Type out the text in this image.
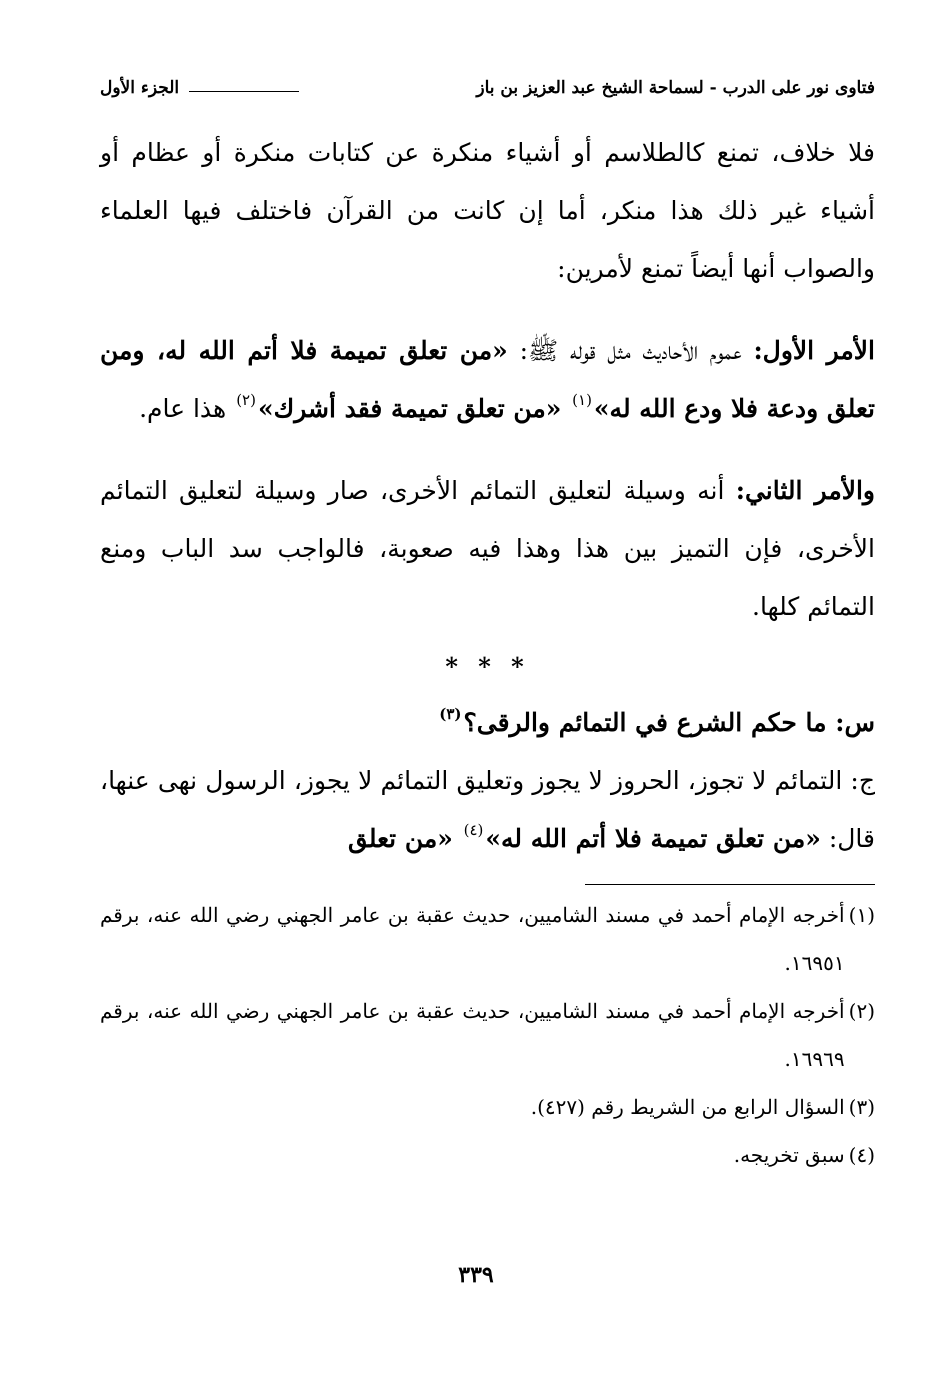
فتاوى نور على الدرب - لسماحة الشيخ عبد العزيز بن باز
الجزء الأول

فلا خلاف، تمنع كالطلاسم أو أشياء منكرة عن كتابات منكرة أو عظام أو أشياء غير ذلك هذا منكر، أما إن كانت من القرآن فاختلف فيها العلماء والصواب أنها أيضاً تمنع لأمرين:

الأمر الأول: عموم الأحاديث مثل قوله ﷺ: «من تعلق تميمة فلا أتم الله له، ومن تعلق ودعة فلا ودع الله له»$^{(١)}$ «من تعلق تميمة فقد أشرك»$^{(٢)}$ هذا عام.

والأمر الثاني: أنه وسيلة لتعليق التمائم الأخرى، صار وسيلة لتعليق التمائم الأخرى، فإن التميز بين هذا وهذا فيه صعوبة، فالواجب سد الباب ومنع التمائم كلها.

* * *

س: ما حكم الشرع في التمائم والرقى؟$^{(٣)}$

ج: التمائم لا تجوز، الحروز لا يجوز وتعليق التمائم لا يجوز، الرسول نهى عنها، قال: «من تعلق تميمة فلا أتم الله له»$^{(٤)}$ «من تعلق

(١)
أخرجه الإمام أحمد في مسند الشاميين، حديث عقبة بن عامر الجهني رضي الله عنه، برقم ١٦٩٥١.

(٢)
أخرجه الإمام أحمد في مسند الشاميين، حديث عقبة بن عامر الجهني رضي الله عنه، برقم ١٦٩٦٩.

(٣)
السؤال الرابع من الشريط رقم (٤٢٧).

(٤)
سبق تخريجه.

٣٣٩
